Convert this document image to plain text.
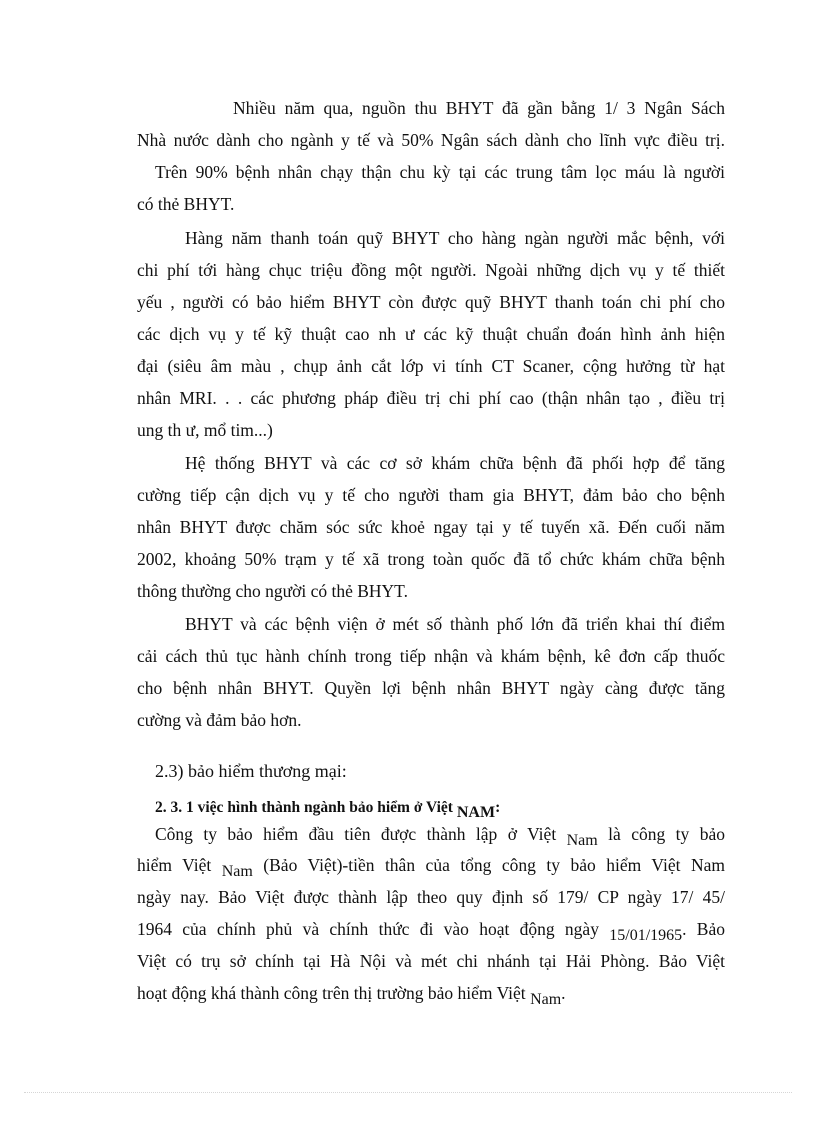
Nhiều năm qua, nguồn thu BHYT đã gần bằng 1/ 3 Ngân Sách

Nhà nước dành cho ngành y tế và 50% Ngân sách dành cho lĩnh vực điều trị.

Trên 90% bệnh nhân chạy thận chu kỳ tại các trung tâm lọc máu là người

có thẻ BHYT.

Hàng năm thanh toán quỹ BHYT cho hàng ngàn người mắc bệnh, với

chi phí tới hàng chục triệu đồng một người. Ngoài những dịch vụ y tế thiết

yếu , người có bảo hiểm BHYT còn được quỹ BHYT thanh toán chi phí cho

các dịch vụ y tế kỹ thuật cao nh ư các kỹ thuật chuẩn đoán hình ảnh hiện

đại (siêu âm màu , chụp ảnh cắt lớp vi tính CT Scaner, cộng hưởng từ hạt

nhân MRI. . . các phương pháp điều trị chi phí cao (thận nhân tạo , điều trị

ung th ư, mổ tim...)

Hệ thống BHYT và các cơ sở khám chữa bệnh đã phối hợp để tăng

cường tiếp cận dịch vụ y tế cho người tham gia BHYT, đảm bảo cho bệnh

nhân BHYT được chăm sóc sức khoẻ ngay tại y tế tuyến xã. Đến cuối năm

2002, khoảng 50% trạm y tế xã trong toàn quốc đã tổ chức khám chữa bệnh

thông thường cho người có thẻ BHYT.

BHYT và các bệnh viện ở mét số thành phố lớn đã triển khai thí điểm

cải cách thủ tục hành chính trong tiếp nhận và khám bệnh, kê đơn cấp thuốc

cho bệnh nhân BHYT. Quyền lợi bệnh nhân BHYT ngày càng được tăng

cường và đảm bảo hơn.

2.3) bảo hiểm thương mại:

2. 3. 1 việc hình thành ngành bảo hiểm ở Việt NAM:

Công ty bảo hiểm đầu tiên được thành lập ở Việt Nam là công ty bảo

hiểm Việt Nam (Bảo Việt)-tiền thân của tổng công ty bảo hiểm Việt Nam

ngày nay. Bảo Việt được thành lập theo quy định số 179/ CP ngày 17/ 45/

1964 của chính phủ và chính thức đi vào hoạt động ngày 15/01/1965. Bảo

Việt có trụ sở chính tại Hà Nội và mét chi nhánh tại Hải Phòng. Bảo Việt

hoạt động khá thành công trên thị trường bảo hiểm Việt Nam.
